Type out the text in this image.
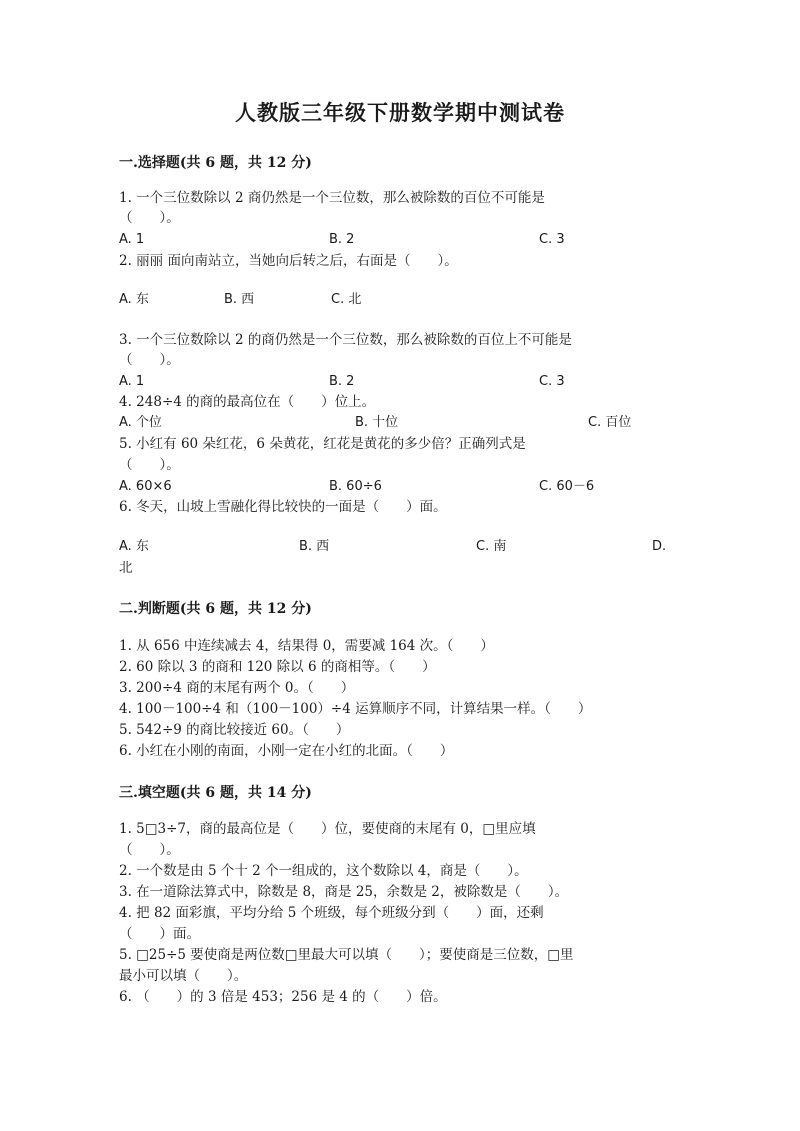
人教版三年级下册数学期中测试卷
一.选择题(共 6 题，共 12 分)
1. 一个三位数除以 2 商仍然是一个三位数，那么被除数的百位不可能是
（　　）。
A. 1	B. 2	C. 3
2. 丽丽 面向南站立，当她向后转之后，右面是（　　）。
A. 东	B. 西	C. 北
3. 一个三位数除以 2 的商仍然是一个三位数，那么被除数的百位上不可能是
（　　）。
A. 1	B. 2	C. 3
4. 248÷4 的商的最高位在（　　）位上。
A. 个位	B. 十位	C. 百位
5. 小红有 60 朵红花，6 朵黄花，红花是黄花的多少倍？正确列式是
（　　）。
A. 60×6	B. 60÷6	C. 60－6
6. 冬天，山坡上雪融化得比较快的一面是（　　）面。
A. 东	B. 西	C. 南	D.
北
二.判断题(共 6 题，共 12 分)
1. 从 656 中连续减去 4，结果得 0，需要减 164 次。（　　）
2. 60 除以 3 的商和 120 除以 6 的商相等。（　　）
3. 200÷4 商的末尾有两个 0。（　　）
4. 100－100÷4 和（100－100）÷4 运算顺序不同，计算结果一样。（　　）
5. 542÷9 的商比较接近 60。（　　）
6. 小红在小刚的南面，小刚一定在小红的北面。（　　）
三.填空题(共 6 题，共 14 分)
1. 5□3÷7，商的最高位是（　　）位，要使商的末尾有 0，□里应填
（　　）。
2. 一个数是由 5 个十 2 个一组成的，这个数除以 4，商是（　　）。
3. 在一道除法算式中，除数是 8，商是 25，余数是 2，被除数是（　　）。
4. 把 82 面彩旗，平均分给 5 个班级，每个班级分到（　　）面，还剩
（　　）面。
5. □25÷5 要使商是两位数□里最大可以填（　　）；要使商是三位数，□里
最小可以填（　　）。
6. （　　）的 3 倍是 453；256 是 4 的（　　）倍。
